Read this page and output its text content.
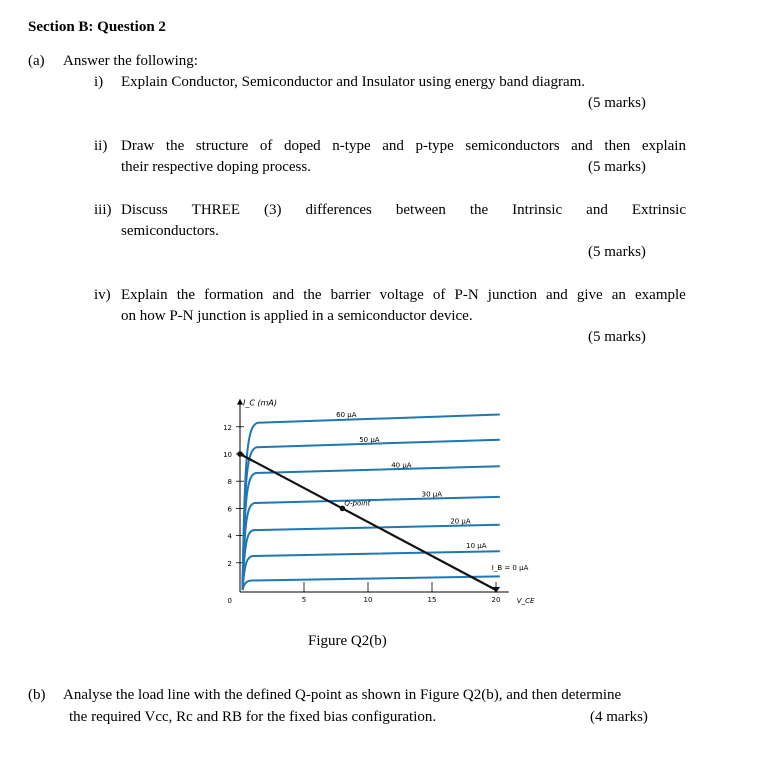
Section B: Question 2
(a) Answer the following:
i) Explain Conductor, Semiconductor and Insulator using energy band diagram.
(5 marks)
ii) Draw the structure of doped n-type and p-type semiconductors and then explain
their respective doping process.	(5 marks)
iii) Discuss THREE (3) differences between the Intrinsic and Extrinsic
semiconductors.
(5 marks)
iv) Explain the formation and the barrier voltage of P-N junction and give an example
on how P-N junction is applied in a semiconductor device.
(5 marks)
I_C (mA)
V_CE
0
2
4
6
8
10
12
5	10	15	20
I_B = 0 μA
10 μA
20 μA
30 μA
40 μA
50 μA
60 μA
Q-point
Figure Q2(b)
(b) Analyse the load line with the defined Q-point as shown in Figure Q2(b), and then determine
the required Vcc, Rc and RB for the fixed bias configuration.	(4 marks)
